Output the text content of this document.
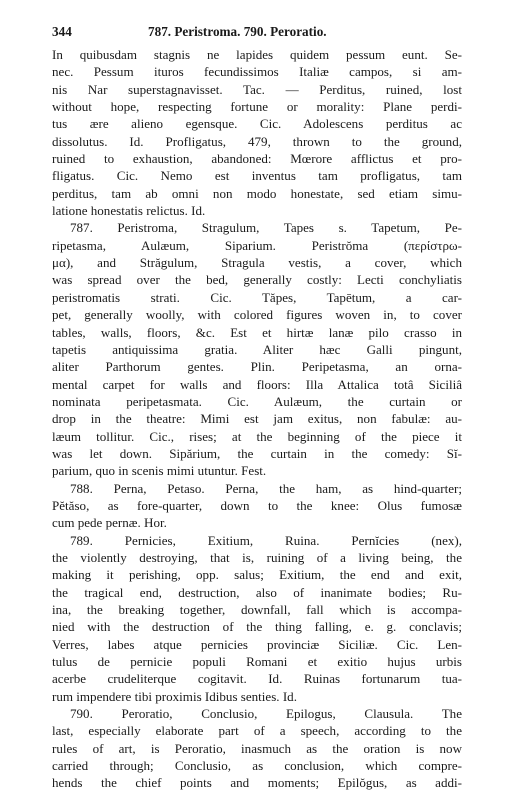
344	787. Peristroma. 790. Peroratio.
In quibusdam stagnis ne lapides quidem pessum eunt. Se-
nec. Pessum ituros fecundissimos Italiæ campos, si am-
nis Nar superstagnavisset. Tac. — Perditus, ruined, lost
without hope, respecting fortune or morality: Plane perdi-
tus ære alieno egensque. Cic. Adolescens perditus ac
dissolutus. Id. Profligatus, 479, thrown to the ground,
ruined to exhaustion, abandoned: Mœrore afflictus et pro-
fligatus. Cic. Nemo est inventus tam profligatus, tam
perditus, tam ab omni non modo honestate, sed etiam simu-
latione honestatis relictus. Id.
787. Peristroma, Stragulum, Tapes s. Tapetum, Pe-
ripetasma, Aulæum, Siparium. Peristrŏma (περίστρω-
μα), and Străgulum, Stragula vestis, a cover, which
was spread over the bed, generally costly: Lecti conchyliatis
peristromatis strati. Cic. Tăpes, Tapētum, a car-
pet, generally woolly, with colored figures woven in, to cover
tables, walls, floors, &c. Est et hirtæ lanæ pilo crasso in
tapetis antiquissima gratia. Aliter hæc Galli pingunt,
aliter Parthorum gentes. Plin. Peripetasma, an orna-
mental carpet for walls and floors: Illa Attalica totâ Siciliâ
nominata peripetasmata. Cic. Aulæum, the curtain or
drop in the theatre: Mimi est jam exitus, non fabulæ: au-
læum tollitur. Cic., rises; at the beginning of the piece it
was let down. Sipărium, the curtain in the comedy: Sĭ-
parium, quo in scenis mimi utuntur. Fest.
788. Perna, Petaso. Perna, the ham, as hind-quarter;
Pĕtăso, as fore-quarter, down to the knee: Olus fumosæ
cum pede pernæ. Hor.
789. Pernicies, Exitium, Ruina. Pernĭcies (nex),
the violently destroying, that is, ruining of a living being, the
making it perishing, opp. salus; Exitium, the end and exit,
the tragical end, destruction, also of inanimate bodies; Ru-
ina, the breaking together, downfall, fall which is accompa-
nied with the destruction of the thing falling, e. g. conclavis;
Verres, labes atque pernicies provinciæ Siciliæ. Cic. Len-
tulus de pernicie populi Romani et exitio hujus urbis
acerbe crudeliterque cogitavit. Id. Ruinas fortunarum tua-
rum impendere tibi proximis Idibus senties. Id.
790. Peroratio, Conclusio, Epilogus, Clausula. The
last, especially elaborate part of a speech, according to the
rules of art, is Peroratio, inasmuch as the oration is now
carried through; Conclusio, as conclusion, which compre-
hends the chief points and moments; Epilŏgus, as addi-
